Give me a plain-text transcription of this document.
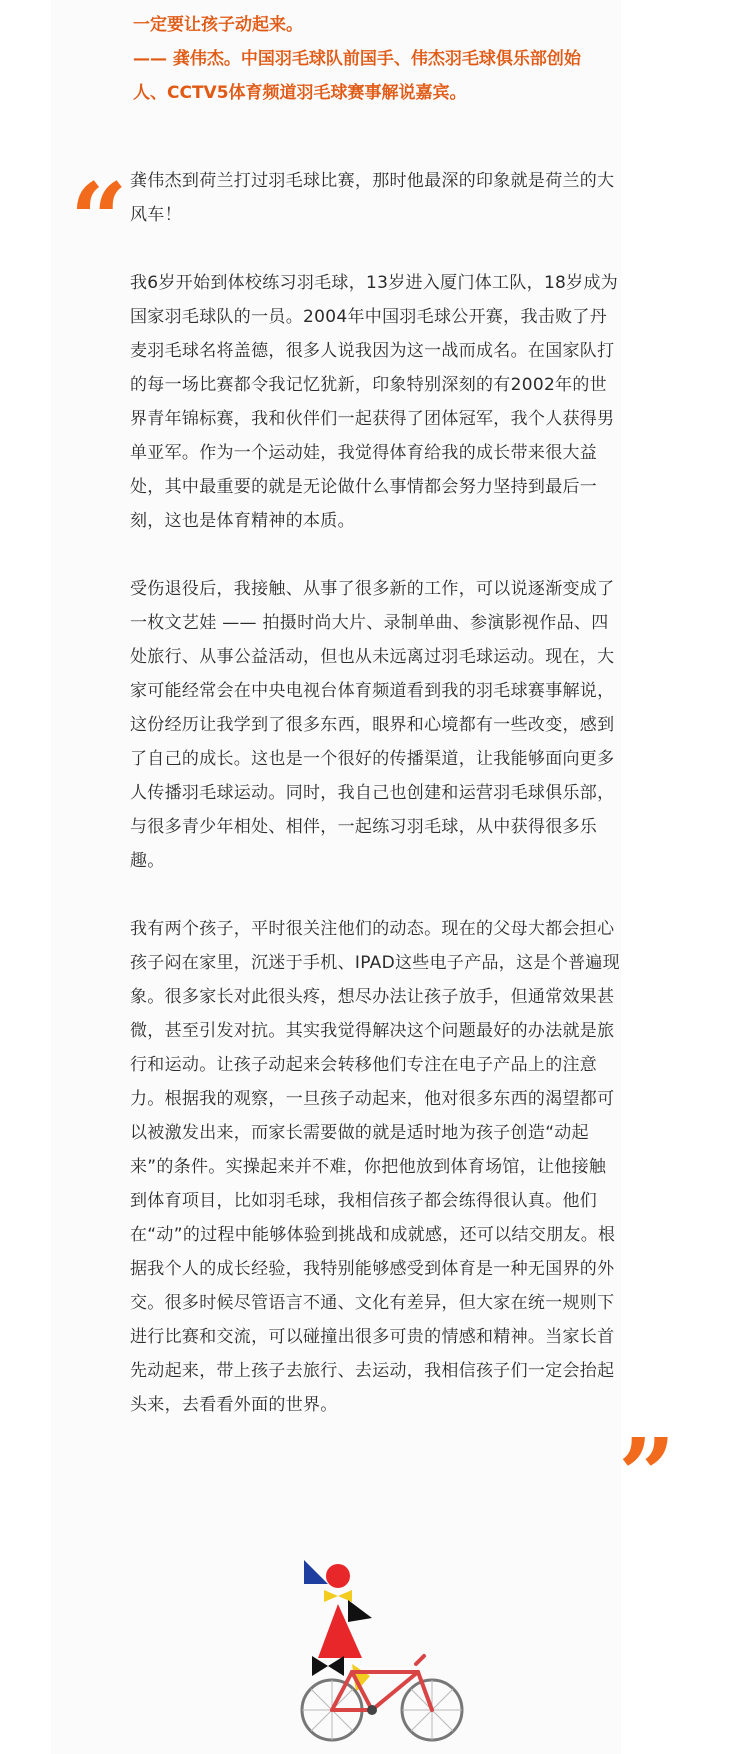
一定要让孩子动起来。
—— 龚伟杰。中国羽毛球队前国手、伟杰羽毛球俱乐部创始
人、CCTV5体育频道羽毛球赛事解说嘉宾。
“ 龚伟杰到荷兰打过羽毛球比赛，那时他最深的印象就是荷兰的大风车！

我6岁开始到体校练习羽毛球，13岁进入厦门体工队，18岁成为国家羽毛球队的一员。2004年中国羽毛球公开赛，我击败了丹麦羽毛球名将盖德，很多人说我因为这一战而成名。在国家队打的每一场比赛都令我记忆犹新，印象特别深刻的有2002年的世界青年锦标赛，我和伙伴们一起获得了团体冠军，我个人获得男单亚军。作为一个运动娃，我觉得体育给我的成长带来很大益处，其中最重要的就是无论做什么事情都会努力坚持到最后一刻，这也是体育精神的本质。

受伤退役后，我接触、从事了很多新的工作，可以说逐渐变成了一枚文艺娃 —— 拍摄时尚大片、录制单曲、参演影视作品、四处旅行、从事公益活动，但也从未远离过羽毛球运动。现在，大家可能经常会在中央电视台体育频道看到我的羽毛球赛事解说，这份经历让我学到了很多东西，眼界和心境都有一些改变，感到了自己的成长。这也是一个很好的传播渠道，让我能够面向更多人传播羽毛球运动。同时，我自己也创建和运营羽毛球俱乐部，与很多青少年相处、相伴，一起练习羽毛球，从中获得很多乐趣。

我有两个孩子，平时很关注他们的动态。现在的父母大都会担心孩子闷在家里，沉迷于手机、IPAD这些电子产品，这是个普遍现象。很多家长对此很头疼，想尽办法让孩子放手，但通常效果甚微，甚至引发对抗。其实我觉得解决这个问题最好的办法就是旅行和运动。让孩子动起来会转移他们专注在电子产品上的注意力。根据我的观察，一旦孩子动起来，他对很多东西的渴望都可以被激发出来，而家长需要做的就是适时地为孩子创造“动起来”的条件。实操起来并不难，你把他放到体育场馆，让他接触到体育项目，比如羽毛球，我相信孩子都会练得很认真。他们在“动”的过程中能够体验到挑战和成就感，还可以结交朋友。根据我个人的成长经验，我特别能够感受到体育是一种无国界的外交。很多时候尽管语言不通、文化有差异，但大家在统一规则下进行比赛和交流，可以碰撞出很多可贵的情感和精神。当家长首先动起来，带上孩子去旅行、去运动，我相信孩子们一定会抬起头来，去看看外面的世界。

”
